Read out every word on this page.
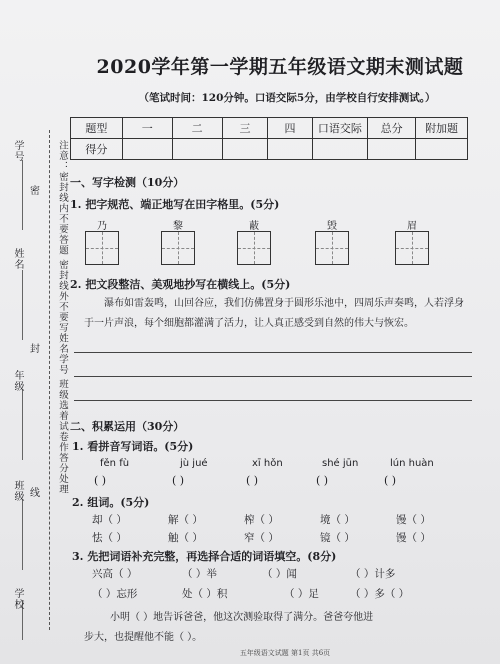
学号
姓名
年级
班级
学校
密
封
线 注意：密封线内不要答题 密封线外不要写姓名学号 班级选着试卷作答分处理
2020学年第一学期五年级语文期末测试题
（笔试时间：120分钟。口语交际5分，由学校自行安排测试。）
题型	一	二	三	四	口语交际	总分	附加题
得分							
一、写字检测（10分）
1. 把字规范、端正地写在田字格里。(5分)
乃	黎	蔽	毁	眉
2. 把文段整洁、美观地抄写在横线上。(5分)
瀑布如雷轰鸣，山回谷应，我们仿佛置身于圆形乐池中，四周乐声奏鸣，人若浮身于一片声浪，每个细胞都灌满了活力，让人真正感受到自然的伟大与恢宏。
二、积累运用（30分）
1. 看拼音写词语。(5分)
fěn fù	jù jué	xī hǒn	shé jūn	lún huàn
( )	( )	( )	( )	( )
2. 组词。(5分)
却（ ）	解（ ）	榨（ ）	境（ ）	馒（ ）
怯（ ）	触（ ）	窄（ ）	镜（ ）	馒（ ）
3. 先把词语补充完整，再选择合适的词语填空。(8分)
兴高（ ）	（ ）举	（ ）闻	（ ）计多
（ ）忘形	处（ ）积	（ ）足	（ ）多（ ）
小明（ ）地告诉爸爸，他这次测验取得了满分。爸爸夸他进
步大，也提醒他不能（ ）。
五年级语文试题 第1页 共6页
